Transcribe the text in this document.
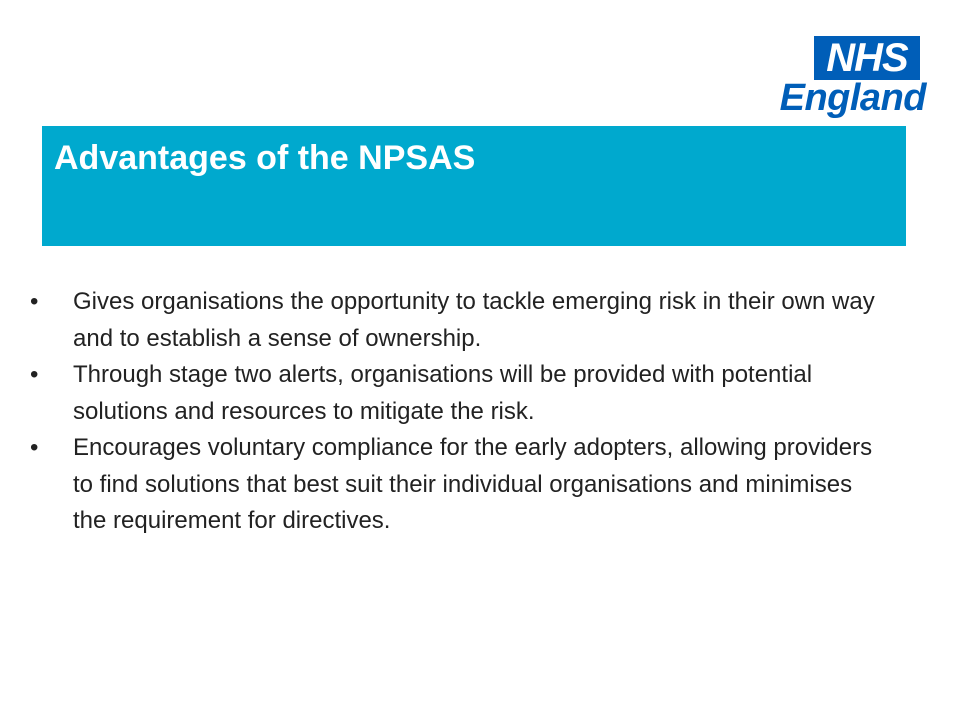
NHS
England
Advantages of the NPSAS
•	Gives organisations the opportunity to tackle emerging risk in their own way and to establish a sense of ownership.
•	Through stage two alerts, organisations will be provided with potential solutions and resources to mitigate the risk.
•	Encourages voluntary compliance for the early adopters, allowing providers to find solutions that best suit their individual organisations and minimises the requirement for directives.
